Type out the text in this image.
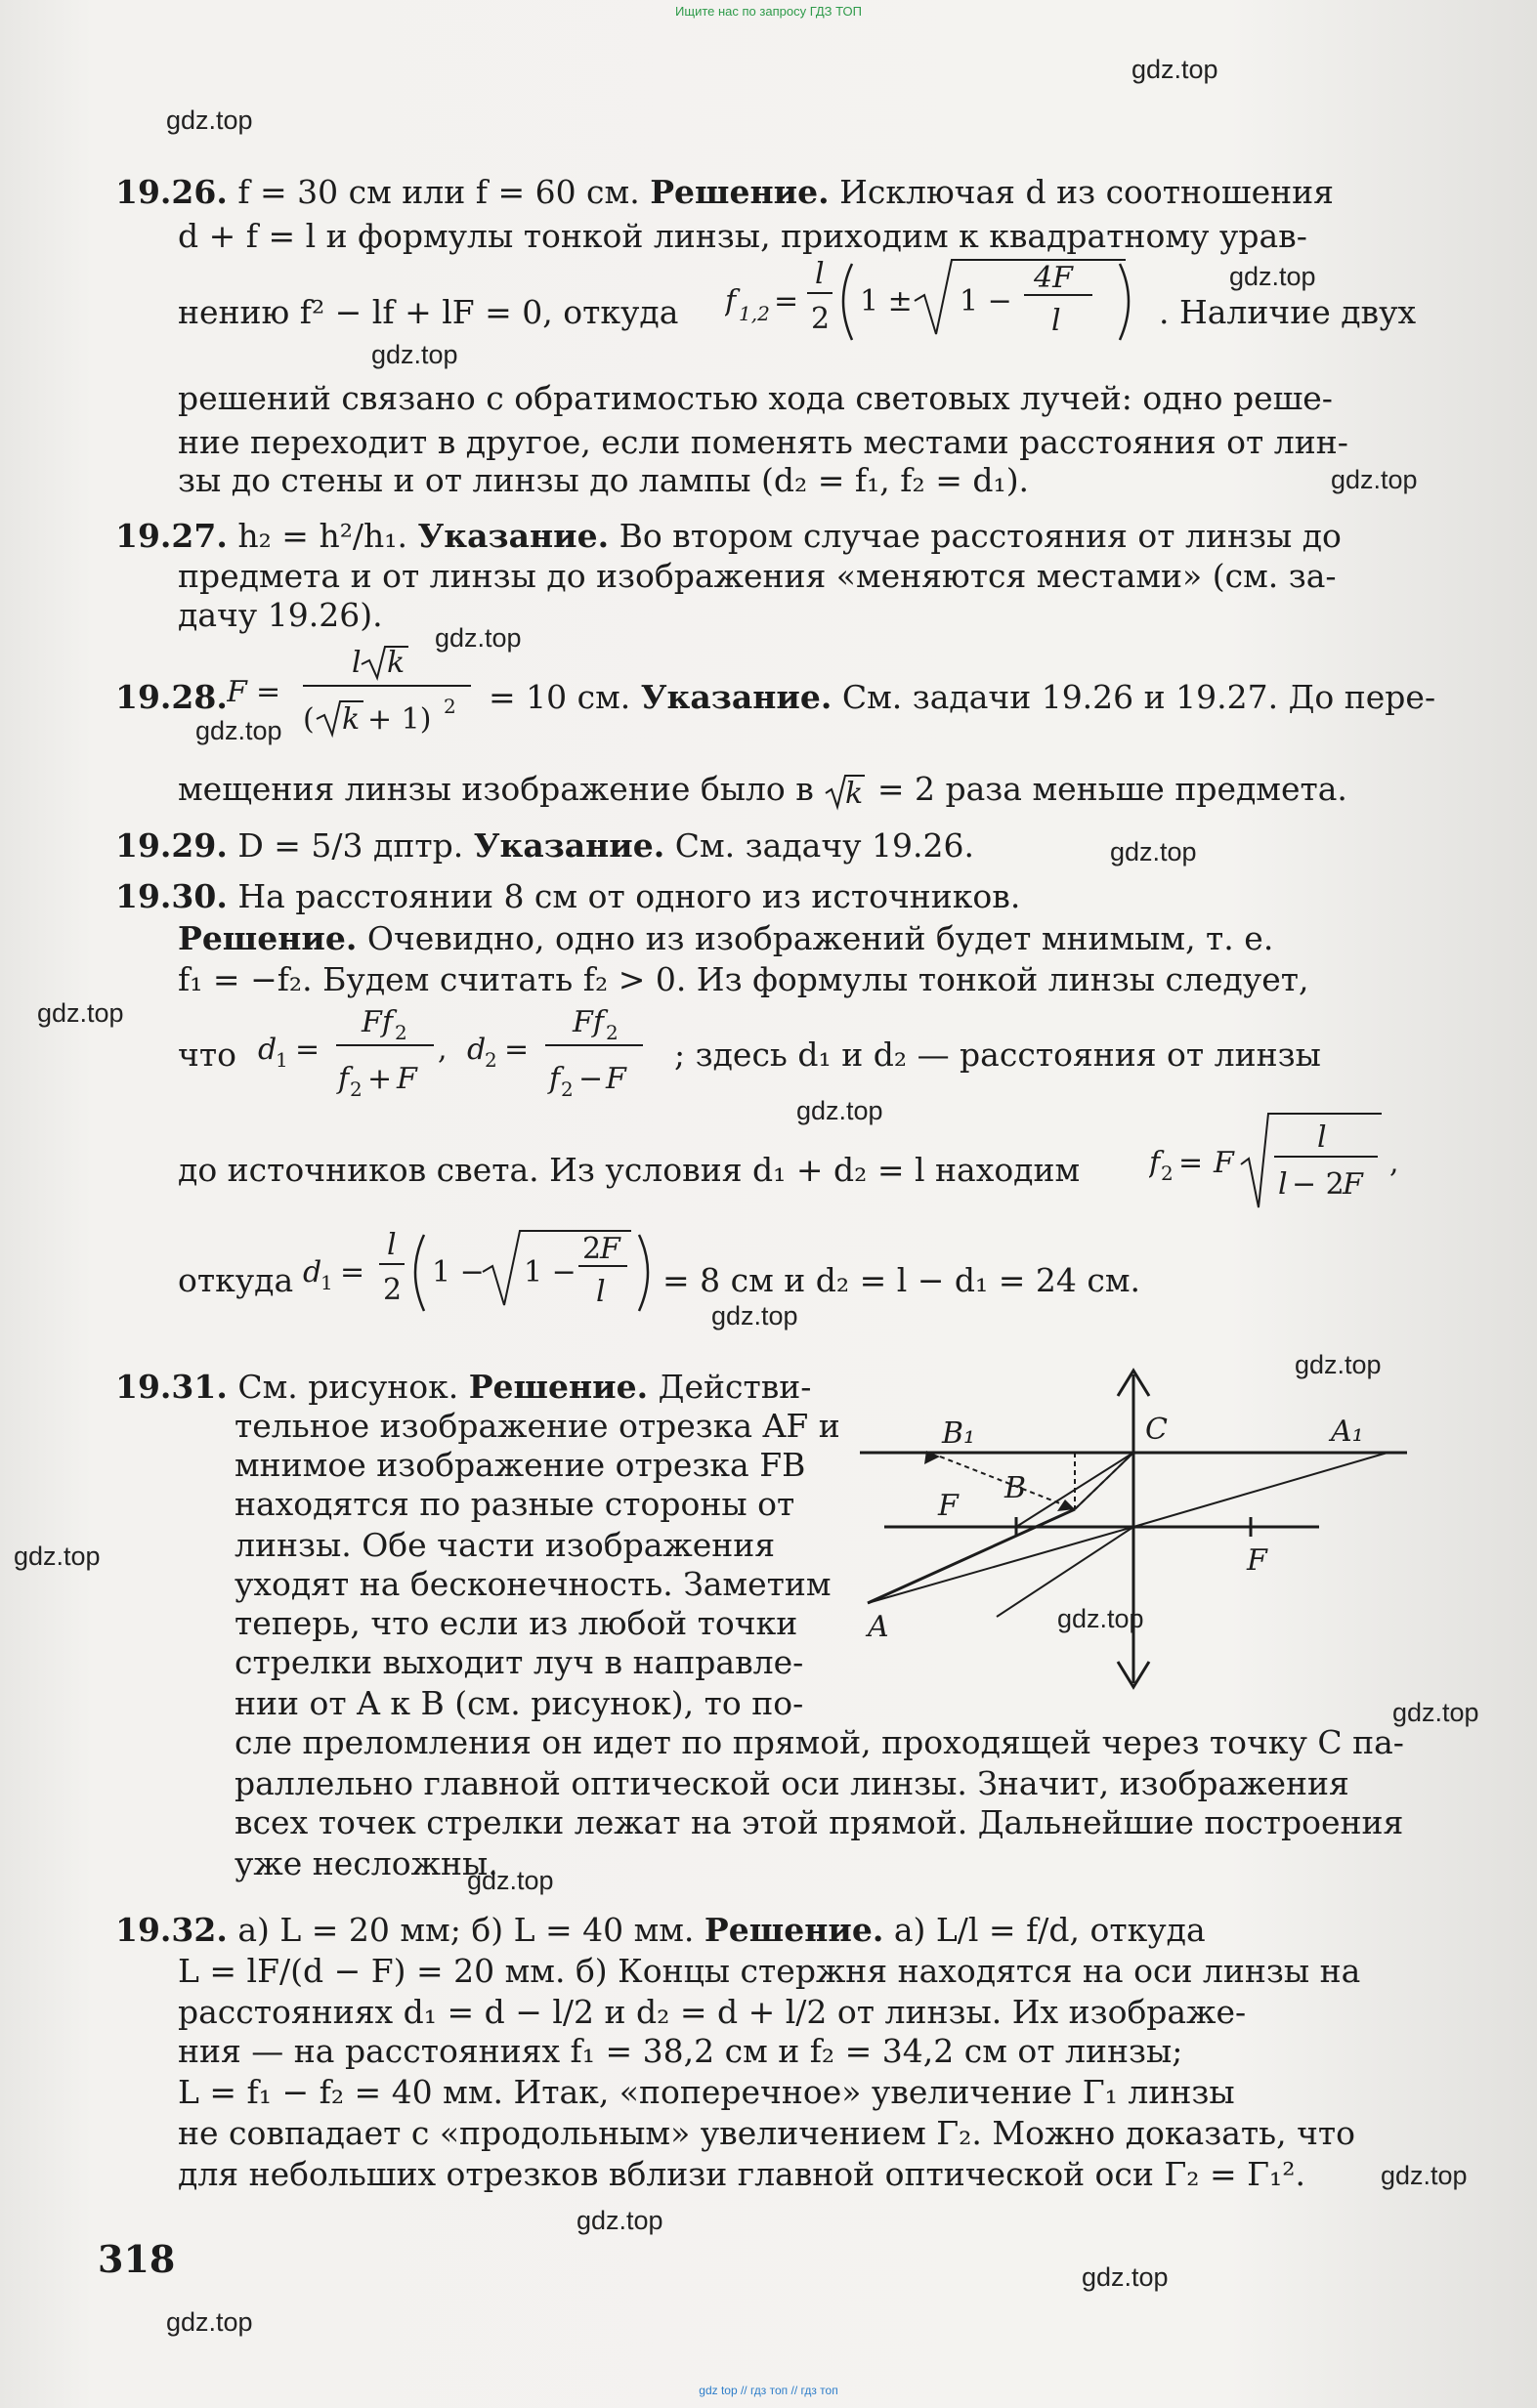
Ищите нас по запросу ГДЗ ТОП
gdz.top
gdz.top
gdz.top
gdz.top
gdz.top
gdz.top
gdz.top
gdz.top
gdz.top
gdz.top
gdz.top
gdz.top
gdz.top
gdz.top
gdz.top
gdz.top
gdz.top
gdz.top
gdz.top
gdz.top
19.26. f = 30 см или f = 60 см. Решение. Исключая d из соотношения
d + f = l и формулы тонкой линзы, приходим к квадратному урав-
нению f² − lf + lF = 0, откуда f 1,2 =
l
2
1 ± 1 −
4F
l	. Наличие двух
решений связано с обратимостью хода световых лучей: одно реше-
ние переходит в другое, если поменять местами расстояния от лин-
зы до стены и от линзы до лампы (d₂ = f₁, f₂ = d₁).
19.27. h₂ = h²/h₁. Указание. Во втором случае расстояния от линзы до
предмета и от линзы до изображения «меняются местами» (см. за-
дачу 19.26).
19.28. F =
l k
( k + 1) 2 = 10 см. Указание. См. задачи 19.26 и 19.27. До пере-
мещения линзы изображение было в k = 2 раза меньше предмета.
19.29. D = 5/3 дптр. Указание. См. задачу 19.26.
19.30. На расстоянии 8 см от одного из источников.
Решение. Очевидно, одно из изображений будет мнимым, т. е.
f₁ = −f₂. Будем считать f₂ > 0. Из формулы тонкой линзы следует,
что d
1 =
Ff 2
f 2 + F
, d
2 =
Ff 2
f 2 − F
; здесь d₁ и d₂ — расстояния от линзы
до источников света. Из условия d₁ + d₂ = l находим f 2 = F
l
l − 2
F
,
откуда d
1 =
l
2
1 − 1 −
2
F
l = 8 см и d₂ = l − d₁ = 24 см.
19.31. См. рисунок. Решение. Действи-
тельное изображение отрезка AF и
мнимое изображение отрезка FB
находятся по разные стороны от
линзы. Обе части изображения
уходят на бесконечность. Заметим
теперь, что если из любой точки
стрелки выходит луч в направле-
нии от A к B (см. рисунок), то по-
сле преломления он идет по прямой, проходящей через точку C па-
раллельно главной оптической оси линзы. Значит, изображения
всех точек стрелки лежат на этой прямой. Дальнейшие построения
уже несложны.
B₁	C	A₁
B
F
F
A
19.32. а) L = 20 мм; б) L = 40 мм. Решение. а) L/l = f/d, откуда
L = lF/(d − F) = 20 мм. б) Концы стержня находятся на оси линзы на
расстояниях d₁ = d − l/2 и d₂ = d + l/2 от линзы. Их изображе-
ния — на расстояниях f₁ = 38,2 см и f₂ = 34,2 см от линзы;
L = f₁ − f₂ = 40 мм. Итак, «поперечное» увеличение Γ₁ линзы
не совпадает с «продольным» увеличением Γ₂. Можно доказать, что
для небольших отрезков вблизи главной оптической оси Γ₂ = Γ₁².
318
gdz top // гдз топ // гдз топ
